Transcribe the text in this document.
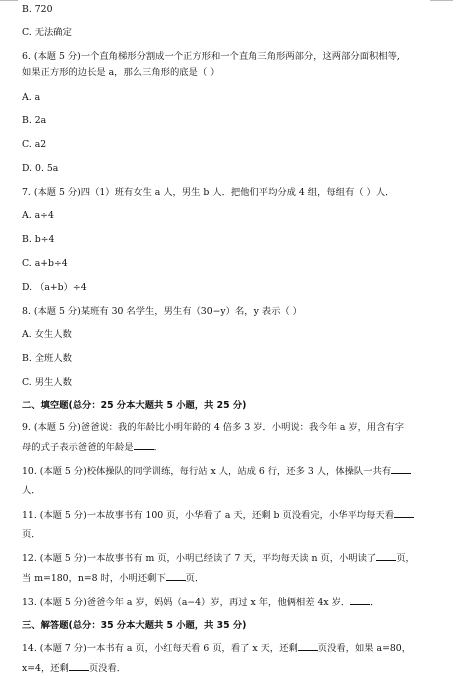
B. 720

C. 无法确定

6. (本题 5 分)一个直角梯形分割成一个正方形和一个直角三角形两部分，这两部分面积相等,

如果正方形的边长是 a，那么三角形的底是（ ）

A. a

B. 2a

C. a2

D. 0. 5a

7. (本题 5 分)四（1）班有女生 a 人，男生 b 人．把他们平均分成 4 组，每组有（ ）人．

A. a÷4

B. b÷4

C. a+b÷4

D. （a+b）÷4

8. (本题 5 分)某班有 30 名学生，男生有（30−y）名，y 表示（ ）

A. 女生人数

B. 全班人数

C. 男生人数

二、填空题(总分：25 分本大题共 5 小题，共 25 分)

9. (本题 5 分)爸爸说：我的年龄比小明年龄的 4 倍多 3 岁．小明说：我今年 a 岁，用含有字

母的式子表示爸爸的年龄是 ．

10. (本题 5 分)校体操队的同学训练，每行站 x 人，站成 6 行，还多 3 人，体操队一共有

人．

11. (本题 5 分)一本故事书有 100 页，小华看了 a 天，还剩 b 页没看完，小华平均每天看

页．

12. (本题 5 分)一本故事书有 m 页，小明已经读了 7 天，平均每天读 n 页，小明读了 页，

当 m=180，n=8 时，小明还剩下 页．

13. (本题 5 分)爸爸今年 a 岁，妈妈（a−4）岁，再过 x 年，他俩相差 4x 岁． ．

三、解答题(总分：35 分本大题共 5 小题，共 35 分)

14. (本题 7 分)一本书有 a 页，小红每天看 6 页，看了 x 天，还剩 页没看，如果 a=80，

x=4，还剩 页没看．
